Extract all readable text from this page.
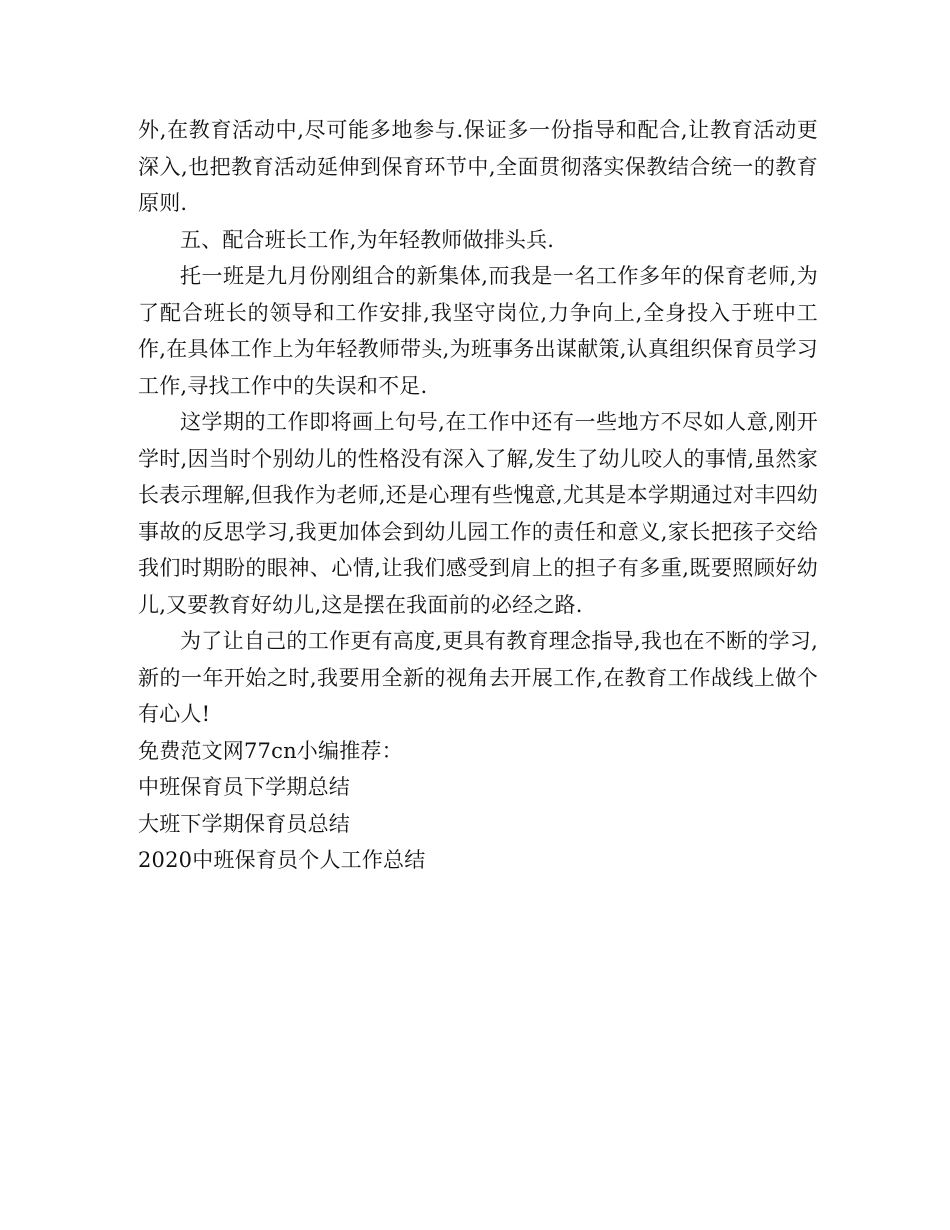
外,在教育活动中,尽可能多地参与.保证多一份指导和配合,让教育活动更深入,也把教育活动延伸到保育环节中,全面贯彻落实保教结合统一的教育原则.

五、配合班长工作,为年轻教师做排头兵.

托一班是九月份刚组合的新集体,而我是一名工作多年的保育老师,为了配合班长的领导和工作安排,我坚守岗位,力争向上,全身投入于班中工作,在具体工作上为年轻教师带头,为班事务出谋献策,认真组织保育员学习工作,寻找工作中的失误和不足.

这学期的工作即将画上句号,在工作中还有一些地方不尽如人意,刚开学时,因当时个别幼儿的性格没有深入了解,发生了幼儿咬人的事情,虽然家长表示理解,但我作为老师,还是心理有些愧意,尤其是本学期通过对丰四幼事故的反思学习,我更加体会到幼儿园工作的责任和意义,家长把孩子交给我们时期盼的眼神、心情,让我们感受到肩上的担子有多重,既要照顾好幼儿,又要教育好幼儿,这是摆在我面前的必经之路.

为了让自己的工作更有高度,更具有教育理念指导,我也在不断的学习,新的一年开始之时,我要用全新的视角去开展工作,在教育工作战线上做个有心人!

免费范文网77cn小编推荐：

中班保育员下学期总结

大班下学期保育员总结

2020中班保育员个人工作总结
